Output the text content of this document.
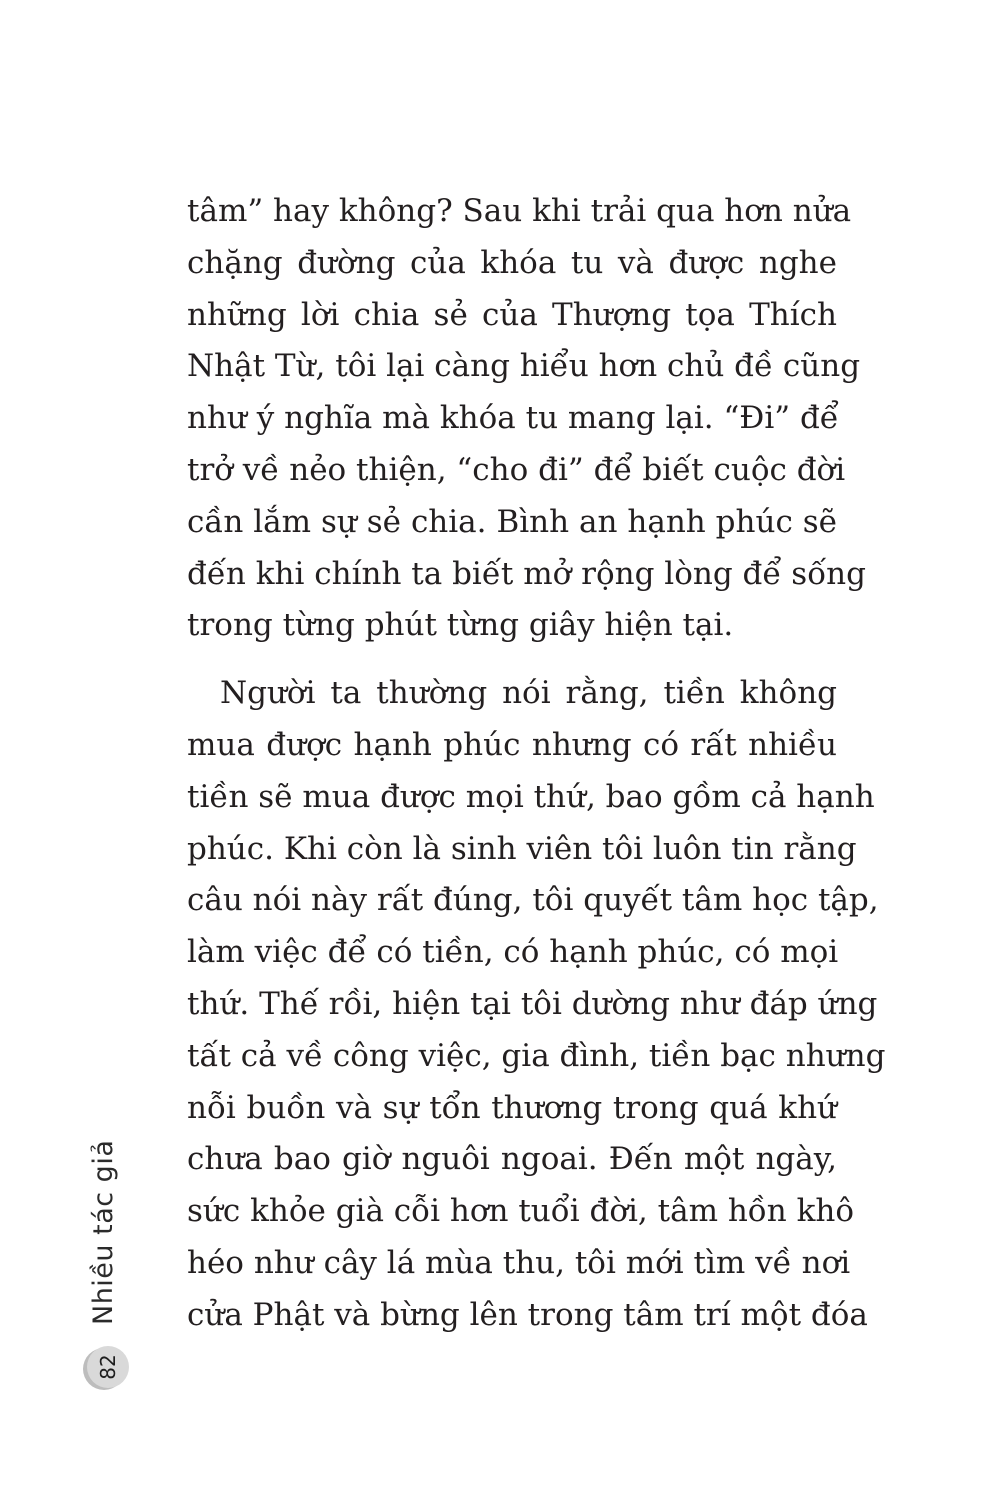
tâm” hay không? Sau khi trải qua hơn nửa
chặng đường của khóa tu và được nghe
những lời chia sẻ của Thượng tọa Thích
Nhật Từ, tôi lại càng hiểu hơn chủ đề cũng
như ý nghĩa mà khóa tu mang lại. “Đi” để
trở về nẻo thiện, “cho đi” để biết cuộc đời
cần lắm sự sẻ chia. Bình an hạnh phúc sẽ
đến khi chính ta biết mở rộng lòng để sống
trong từng phút từng giây hiện tại.

Người ta thường nói rằng, tiền không
mua được hạnh phúc nhưng có rất nhiều
tiền sẽ mua được mọi thứ, bao gồm cả hạnh
phúc. Khi còn là sinh viên tôi luôn tin rằng
câu nói này rất đúng, tôi quyết tâm học tập,
làm việc để có tiền, có hạnh phúc, có mọi
thứ. Thế rồi, hiện tại tôi dường như đáp ứng
tất cả về công việc, gia đình, tiền bạc nhưng
nỗi buồn và sự tổn thương trong quá khứ
chưa bao giờ nguôi ngoai. Đến một ngày,
sức khỏe già cỗi hơn tuổi đời, tâm hồn khô
héo như cây lá mùa thu, tôi mới tìm về nơi
cửa Phật và bừng lên trong tâm trí một đóa

Nhiều tác giả
82
